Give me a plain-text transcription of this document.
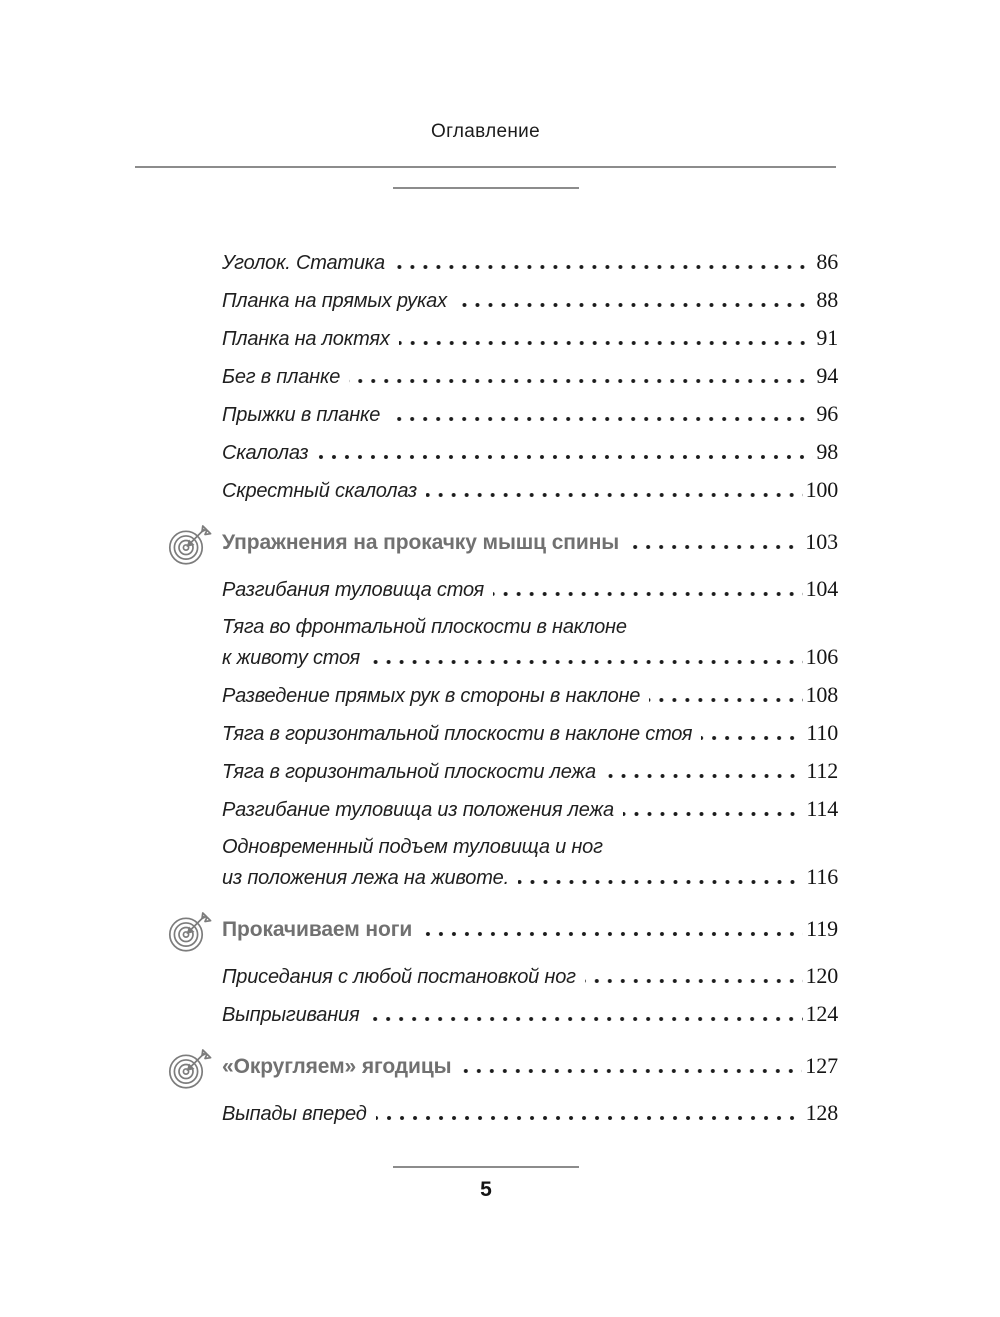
Оглавление
Уголок. Статика	86
Планка на прямых руках	88
Планка на локтях	91
Бег в планке	94
Прыжки в планке	96
Скалолаз	98
Скрестный скалолаз	100
Упражнения на прокачку мышц спины	103
Разгибания туловища стоя	104
Тяга во фронтальной плоскости в наклоне
к животу стоя	106
Разведение прямых рук в стороны в наклоне	108
Тяга в горизонтальной плоскости в наклоне стоя	110
Тяга в горизонтальной плоскости лежа	112
Разгибание туловища из положения лежа	114
Одновременный подъем туловища и ног
из положения лежа на животе.	116
Прокачиваем ноги	119
Приседания с любой постановкой ног	120
Выпрыгивания	124
«Округляем» ягодицы	127
Выпады вперед	128
5
